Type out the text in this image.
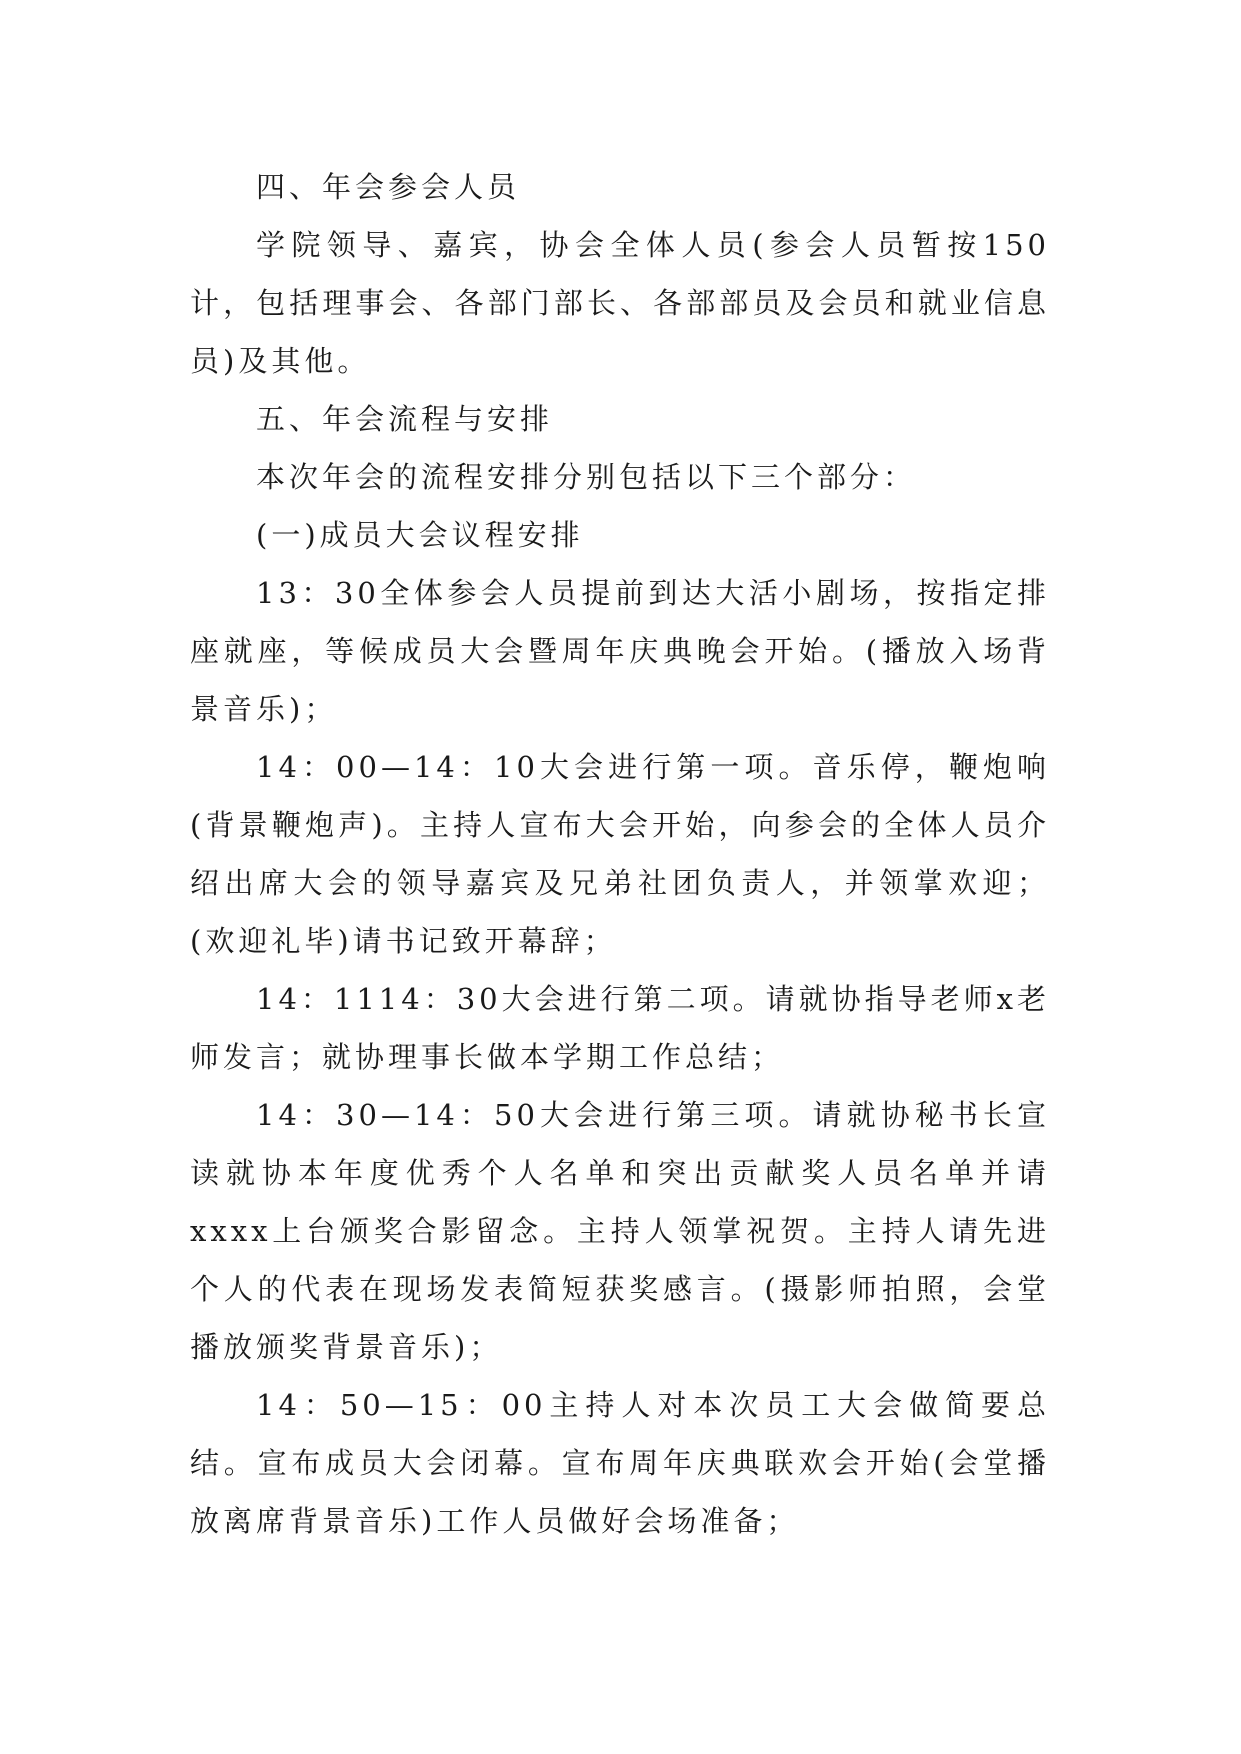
四、年会参会人员

学院领导、嘉宾，协会全体人员(参会人员暂按150计，包括理事会、各部门部长、各部部员及会员和就业信息员)及其他。

五、年会流程与安排

本次年会的流程安排分别包括以下三个部分：

(一)成员大会议程安排

13：30全体参会人员提前到达大活小剧场，按指定排座就座，等候成员大会暨周年庆典晚会开始。(播放入场背景音乐)；

14：00—14：10大会进行第一项。音乐停，鞭炮响(背景鞭炮声)。主持人宣布大会开始，向参会的全体人员介绍出席大会的领导嘉宾及兄弟社团负责人，并领掌欢迎；(欢迎礼毕)请书记致开幕辞；

14：1114：30大会进行第二项。请就协指导老师x老师发言；就协理事长做本学期工作总结；

14：30—14：50大会进行第三项。请就协秘书长宣读就协本年度优秀个人名单和突出贡献奖人员名单并请xxxx上台颁奖合影留念。主持人领掌祝贺。主持人请先进个人的代表在现场发表简短获奖感言。(摄影师拍照，会堂播放颁奖背景音乐)；

14：50—15：00主持人对本次员工大会做简要总结。宣布成员大会闭幕。宣布周年庆典联欢会开始(会堂播放离席背景音乐)工作人员做好会场准备；
